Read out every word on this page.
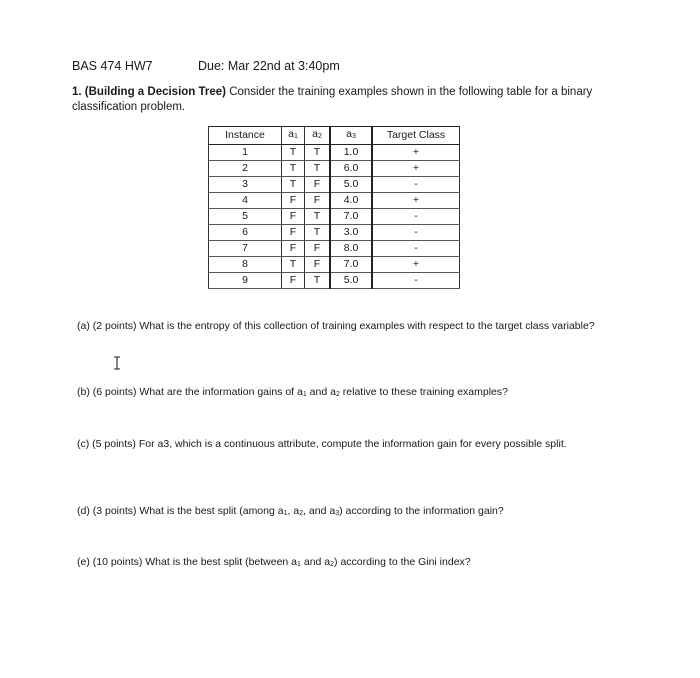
BAS 474 HW7	Due: Mar 22nd at 3:40pm
1. (Building a Decision Tree) Consider the training examples shown in the following table for a binary classification problem.
Instance	a1	a2	a3	Target Class
1	T	T	1.0	+
2	T	T	6.0	+
3	T	F	5.0	-
4	F	F	4.0	+
5	F	T	7.0	-
6	F	T	3.0	-
7	F	F	8.0	-
8	T	F	7.0	+
9	F	T	5.0	-
(a) (2 points) What is the entropy of this collection of training examples with respect to the target class variable?
(b) (6 points) What are the information gains of a1 and a2 relative to these training examples?
(c) (5 points) For a3, which is a continuous attribute, compute the information gain for every possible split.
(d) (3 points) What is the best split (among a1, a2, and a3) according to the information gain?
(e) (10 points) What is the best split (between a1 and a2) according to the Gini index?
